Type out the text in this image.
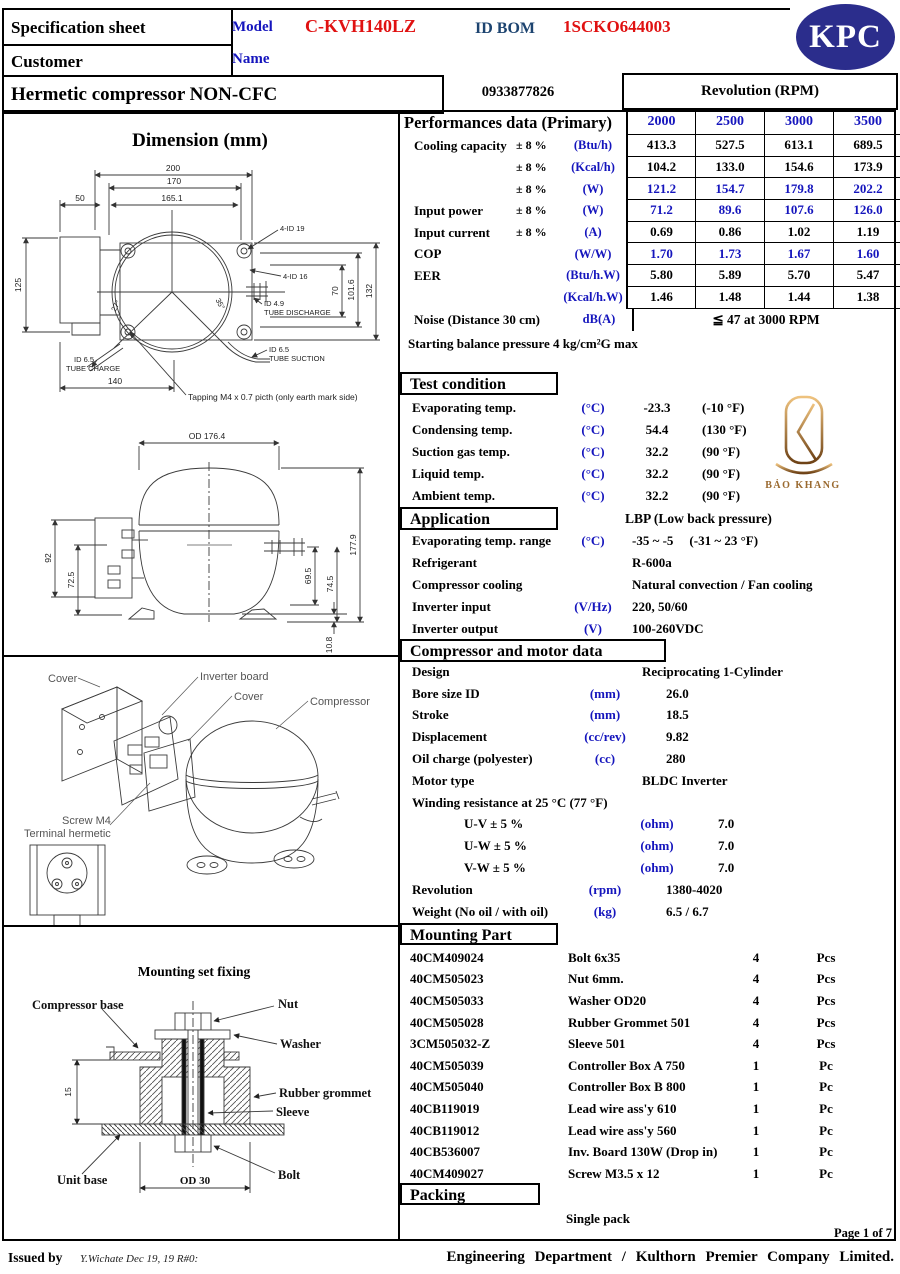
Specification sheet
Customer
Hermetic compressor NON-CFC
Model C-KVH140LZ	ID BOM 1SCKO644003
Name
KPC
0933877826	Revolution (RPM)
Performances data (Primary)	2000	2500	3000	3500
Cooling capacity ± 8 %	(Btu/h)	413.3	527.5	613.1	689.5
± 8 %	(Kcal/h)	104.2	133.0	154.6	173.9
± 8 %	(W)	121.2	154.7	179.8	202.2
Input power	± 8 %	(W)	71.2	89.6	107.6	126.0
Input current	± 8 %	(A)	0.69	0.86	1.02	1.19
COP	(W/W)	1.70	1.73	1.67	1.60
EER	(Btu/h.W)	5.80	5.89	5.70	5.47
(Kcal/h.W)	1.46	1.48	1.44	1.38
Noise (Distance 30 cm)	dB(A)	≦ 47 at 3000 RPM
Starting balance pressure 4 kg/cm²G max
Test condition
Evaporating temp.	(°C)	-23.3	(-10 °F)
Condensing temp.	(°C)	54.4	(130 °F)
Suction gas temp.	(°C)	32.2	(90 °F)
Liquid temp.	(°C)	32.2	(90 °F)
Ambient temp.	(°C)	32.2	(90 °F)
Application	LBP (Low back pressure)
Evaporating temp. range	(°C)	-35 ~ -5	(-31 ~ 23 °F)
Refrigerant	R-600a
Compressor cooling	Natural convection / Fan cooling
Inverter input	(V/Hz)	220, 50/60
Inverter output	(V)	100-260VDC
Compressor and motor data
Design	Reciprocating 1-Cylinder
Bore size ID	(mm)	26.0
Stroke	(mm)	18.5
Displacement	(cc/rev)	9.82
Oil charge (polyester)	(cc)	280
Motor type	BLDC Inverter
Winding resistance at 25 °C (77 °F)
U-V ± 5 %	(ohm)	7.0
U-W ± 5 %	(ohm)	7.0
V-W ± 5 %	(ohm)	7.0
Revolution	(rpm)	1380-4020
Weight (No oil / with oil)	(kg)	6.5 / 6.7
Mounting Part
40CM409024	Bolt 6x35	4	Pcs
40CM505023	Nut 6mm.	4	Pcs
40CM505033	Washer OD20	4	Pcs
40CM505028	Rubber Grommet 501	4	Pcs
3CM505032-Z	Sleeve 501	4	Pcs
40CM505039	Controller Box A 750	1	Pc
40CM505040	Controller Box B 800	1	Pc
40CB119019	Lead wire ass'y 610	1	Pc
40CB119012	Lead wire ass'y 560	1	Pc
40CB536007	Inv. Board 130W (Drop in)	1	Pc
40CM409027	Screw M3.5 x 12	1	Pc
Packing
Single pack
Page 1 of 7
Issued by Y.Wichate Dec 19, 19 R#0:	Engineering Department / Kulthorn Premier Company Limited.
BẢO KHANG
Dimension (mm)
200
170
50	165.1
125
140
70 101.6 132
27°	35°
4-ID 19
4-ID 16
ID 4.9
TUBE DISCHARGE
ID 6.5
TUBE SUCTION
ID 6.5
TUBE CHARGE
Tapping M4 x 0.7 picth (only earth mark side)
OD 176.4
177.9
92
72.5	69.5 74.5
10.8
Cover	Inverter board
Cover	Compressor
Screw M4
Terminal hermetic
Mounting set fixing
Compressor base	Nut
Washer
Rubber grommet
Sleeve
Unit base	Bolt
15
OD 30
